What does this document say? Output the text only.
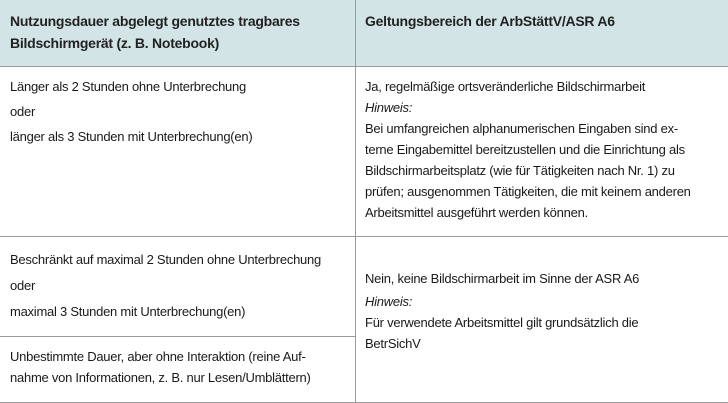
Nutzungsdauer abgelegt genutztes tragbares
Bildschirmgerät (z. B. Notebook)
Geltungsbereich der ArbStättV/ASR A6
Länger als 2 Stunden ohne Unterbrechung
oder
länger als 3 Stunden mit Unterbrechung(en)
Ja, regelmäßige ortsveränderliche Bildschirmarbeit
Hinweis:
Bei umfangreichen alphanumerischen Eingaben sind ex-
terne Eingabemittel bereitzustellen und die Einrichtung als
Bildschirmarbeitsplatz (wie für Tätigkeiten nach Nr. 1) zu
prüfen; ausgenommen Tätigkeiten, die mit keinem anderen
Arbeitsmittel ausgeführt werden können.
Beschränkt auf maximal 2 Stunden ohne Unterbrechung
oder
maximal 3 Stunden mit Unterbrechung(en)
Unbestimmte Dauer, aber ohne Interaktion (reine Auf-
nahme von Informationen, z. B. nur Lesen/Umblättern)
Nein, keine Bildschirmarbeit im Sinne der ASR A6
Hinweis:
Für verwendete Arbeitsmittel gilt grundsätzlich die
BetrSichV
